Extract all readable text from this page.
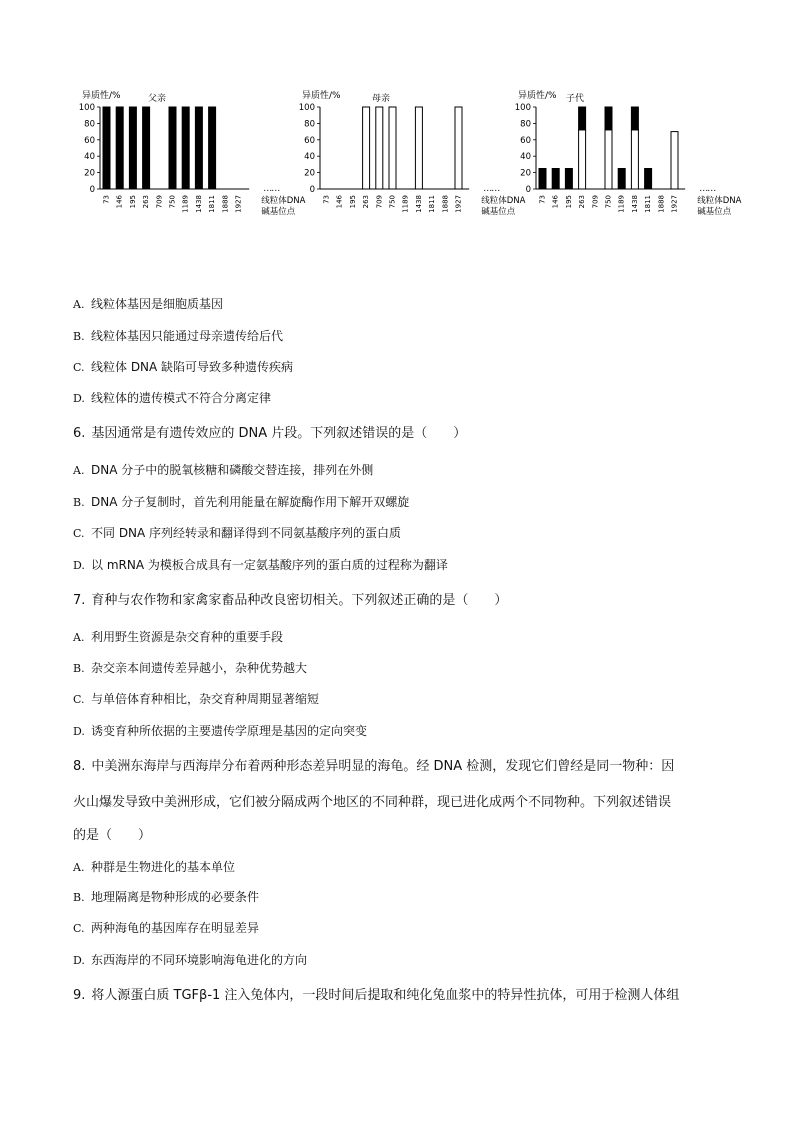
异质性/%	父亲
100
80
60
40
20
0
73 146 195 263 709 750 1189 1438 1811 1888 1927
……
线粒体DNA
碱基位点
异质性/%	母亲
100
80
60
40
20
0
73 146 195 263 709 750 1189 1438 1811 1888 1927
……
线粒体DNA
碱基位点
异质性/% 子代
100
80
60
40
20
0
73 146 195 263 709 750 1189 1438 1811 1888 1927
……
线粒体DNA
碱基位点
A. 线粒体基因是细胞质基因
B. 线粒体基因只能通过母亲遗传给后代
C. 线粒体 DNA 缺陷可导致多种遗传疾病
D. 线粒体的遗传模式不符合分离定律
6. 基因通常是有遗传效应的 DNA 片段。下列叙述错误的是（　　）
A. DNA 分子中的脱氧核糖和磷酸交替连接，排列在外侧
B. DNA 分子复制时，首先利用能量在解旋酶作用下解开双螺旋
C. 不同 DNA 序列经转录和翻译得到不同氨基酸序列的蛋白质
D. 以 mRNA 为模板合成具有一定氨基酸序列的蛋白质的过程称为翻译
7. 育种与农作物和家禽家畜品种改良密切相关。下列叙述正确的是（　　）
A. 利用野生资源是杂交育种的重要手段
B. 杂交亲本间遗传差异越小，杂种优势越大
C. 与单倍体育种相比，杂交育种周期显著缩短
D. 诱变育种所依据的主要遗传学原理是基因的定向突变
8. 中美洲东海岸与西海岸分布着两种形态差异明显的海龟。经 DNA 检测，发现它们曾经是同一物种：因
火山爆发导致中美洲形成，它们被分隔成两个地区的不同种群，现已进化成两个不同物种。下列叙述错误
的是（　　）
A. 种群是生物进化的基本单位
B. 地理隔离是物种形成的必要条件
C. 两种海龟的基因库存在明显差异
D. 东西海岸的不同环境影响海龟进化的方向
9. 将人源蛋白质 TGFβ-1 注入兔体内，一段时间后提取和纯化兔血浆中的特异性抗体，可用于检测人体组
